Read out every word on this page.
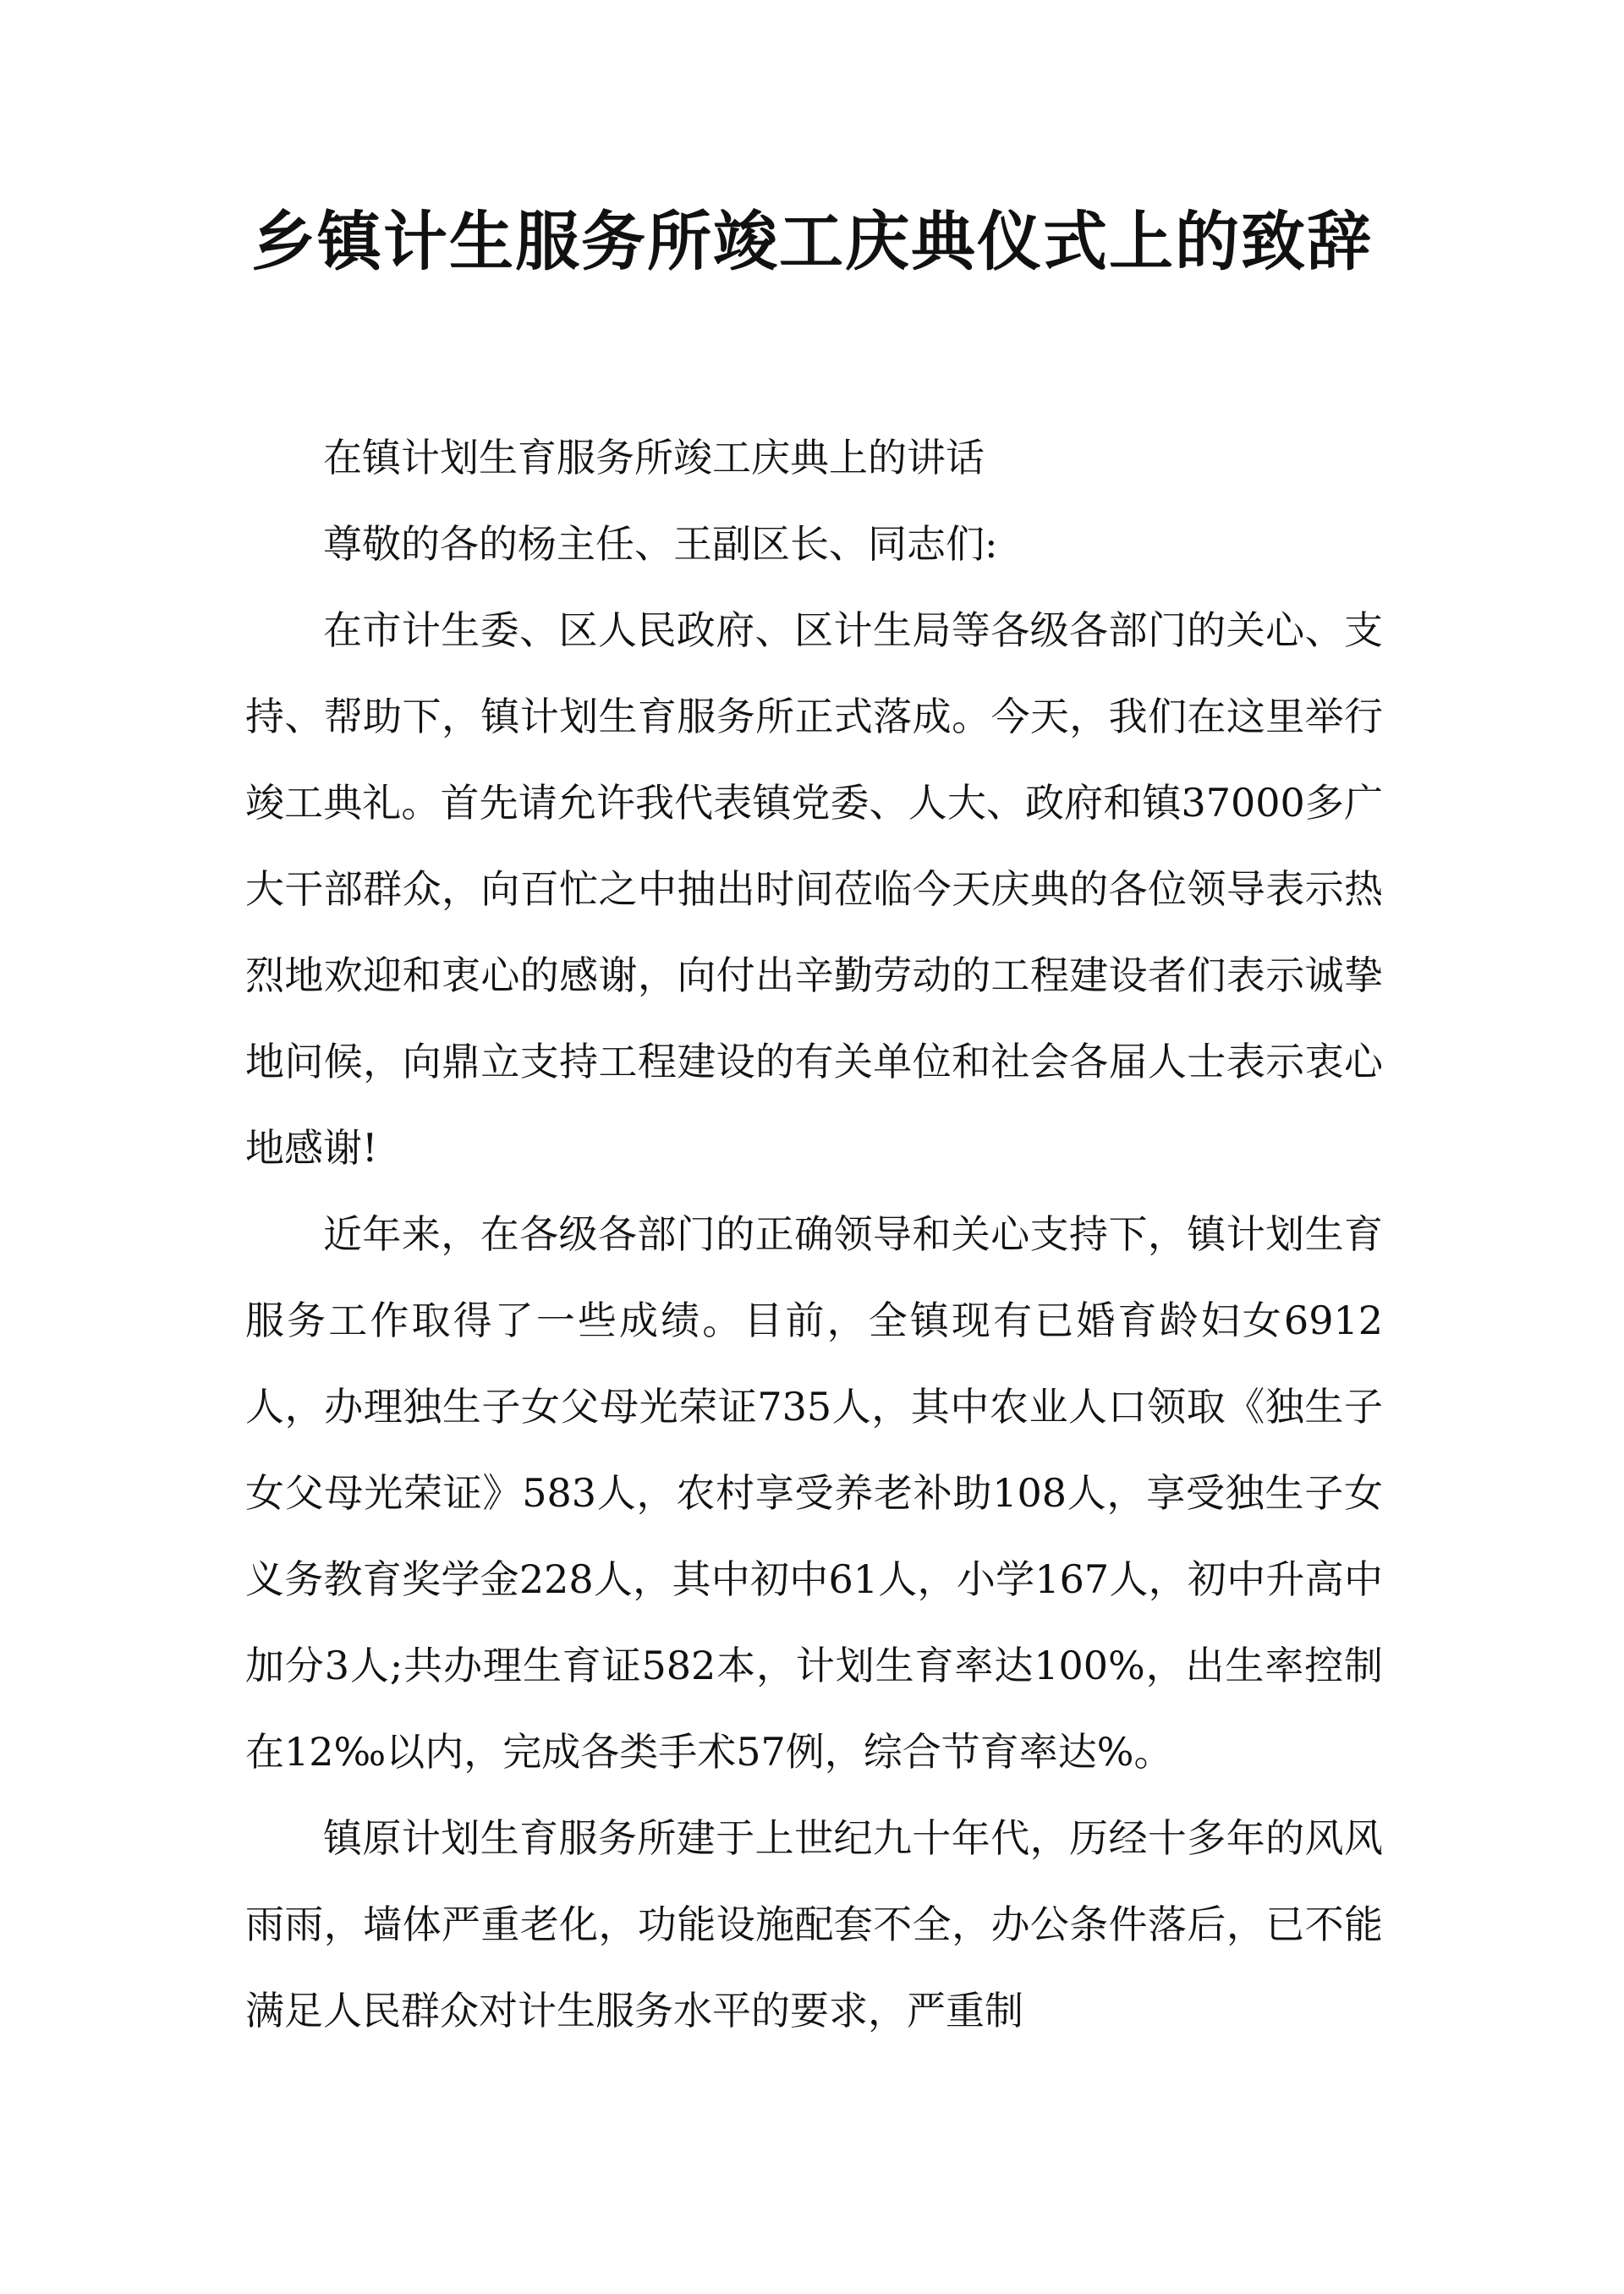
乡镇计生服务所竣工庆典仪式上的致辞

在镇计划生育服务所竣工庆典上的讲话

尊敬的各的杨主任、王副区长、同志们:

在市计生委、区人民政府、区计生局等各级各部门的关心、支持、帮助下，镇计划生育服务所正式落成。今天，我们在这里举行竣工典礼。首先请允许我代表镇党委、人大、政府和镇37000多广大干部群众，向百忙之中抽出时间莅临今天庆典的各位领导表示热烈地欢迎和衷心的感谢，向付出辛勤劳动的工程建设者们表示诚挚地问候，向鼎立支持工程建设的有关单位和社会各届人士表示衷心地感谢!

近年来，在各级各部门的正确领导和关心支持下，镇计划生育服务工作取得了一些成绩。目前，全镇现有已婚育龄妇女6912人，办理独生子女父母光荣证735人，其中农业人口领取《独生子女父母光荣证》583人，农村享受养老补助108人，享受独生子女义务教育奖学金228人，其中初中61人，小学167人，初中升高中加分3人;共办理生育证582本，计划生育率达100%，出生率控制在12‰以内，完成各类手术57例，综合节育率达%。

镇原计划生育服务所建于上世纪九十年代，历经十多年的风风雨雨，墙体严重老化，功能设施配套不全，办公条件落后，已不能满足人民群众对计生服务水平的要求，严重制
